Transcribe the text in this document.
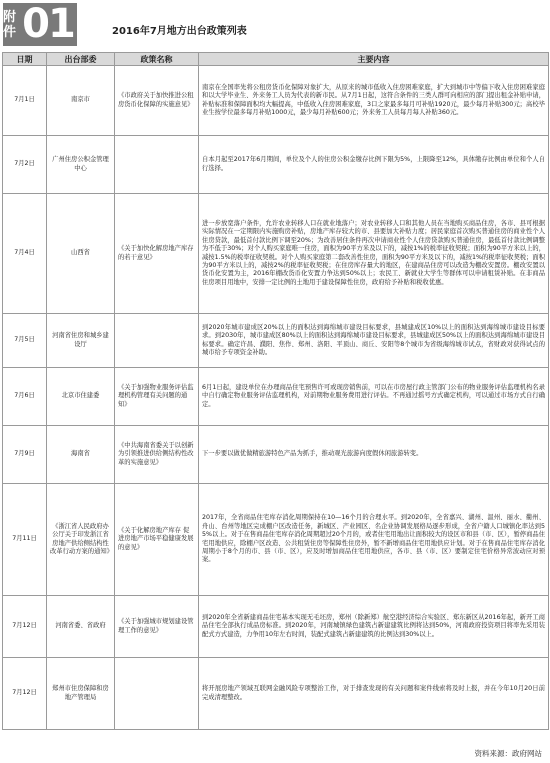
附件 01	2016年7月地方出台政策列表
日期	出台部委	政策名称	主要内容
7月1日	南京市	《市政府关于加快推进公租房货币化保障的实施意见》	南京在全国率先将公租房货币化保障对象扩大，从原来的城市低收入住房困难家庭，扩大到城市中等偏下收入住房困难家庭和以大学毕业生、外来务工人员为代表的新市民。从7月1日起，这符合条件的三类人群可向相应的部门提出租金补贴申请，补贴标准和保障面积均大幅提高，中低收入住房困难家庭，3口之家最多每月可补贴1920元，最少每月补贴300元；高校毕业生按学位最多每月补贴1000元，最少每月补贴600元；外来务工人员每月每人补贴360元。
7月2日	广州住房公积金管理中心		自本月起至2017年6月期间，单位及个人的住房公积金缴存比例下限为5%，上限降至12%，具体缴存比例由单位和个人自行选择。
7月4日	山西省	《关于加快化解房地产库存的若干意见》	进一步放宽落户条件，允许农业转移人口在就业地落户；对农业转移人口和其他人员在当地购买商品住房，各市、县可根据实际情况在一定期限内实施购房补贴，房地产库存较大的市、县要加大补贴力度；居民家庭首次购买普通住房的商业性个人住房贷款，最低首付款比例下调至20%；为改善居住条件再次申请商业性个人住房贷款购买普通住房，最低首付款比例调整为不低于30%；对个人购买家庭唯一住房，面积为90平方米及以下的，减按1%的税率征收契税；面积为90平方米以上的，减按1.5%的税率征收契税。对个人购买家庭第二套改善性住房，面积为90平方米及以下的，减按1%的税率征收契税；面积为90平方米以上的，减按2%的税率征收契税；在住房库存量大的地区，在建商品住房可以改造为棚改安置房。棚改安置以货币化安置为主，2016年棚改货币化安置力争达到50%以上；农民工、新就业大学生等群体可以申请租赁补贴。在非商品住房项目用地中，安排一定比例的土地用于建设保障性住房，政府给予补贴和税收优惠。
7月5日	河南省住房和城乡建设厅		到2020年城市建成区20%以上的面积达到海绵城市建设目标要求，县城建成区10%以上的面积达到海绵城市建设目标要求。到2030年，城市建成区80%以上的面积达到海绵城市建设目标要求，县城建成区50%以上的面积达到海绵城市建设目标要求。确定许昌、濮阳、焦作、郑州、洛阳、平顶山、商丘、安阳等8个城市为省级海绵城市试点，省财政对获得试点的城市给予专项资金补助。
7月6日	北京市住建委	《关于加强物业服务评估监理机构管理有关问题的通知》	6月1日起，建设单位在办理商品住宅预售许可或现房销售前，可以在市房屋行政主管部门公布的物业服务评估监理机构名录中自行确定物业服务评估监理机构，对前期物业服务费用进行评估。不再通过摇号方式确定机构，可以通过市场方式自行确定。
7月9日	海南省	《中共海南省委关于以创新为引领推进供给侧结构性改革的实施意见》	下一步要以做优做精旅游特色产品为抓手，推动观光旅游向度假休闲旅游转变。
7月11日	《浙江省人民政府办公厅关于印发浙江省房地产供给侧结构性改革行动方案的通知》	《关于化解房地产库存 促进房地产市场平稳健康发展的意见》	2017年，全省商品住宅库存消化周期保持在10—16个月的合理水平。到2020年，全省嘉兴、湖州、温州、丽水、衢州、舟山、台州等地区完成棚户区改造任务，新城区、产业园区、名企业协调发展格局逐步形成，全省户籍人口城镇化率达到55%以上。对于在售商品住宅库存消化周期超过20个月的，或者住宅用地出让面积较大的设区市和县（市、区），暂停商品住宅用地供应，除棚户区改造、公共租赁住房等保障性住房外，暂不新增商品住宅用地供应计划。对于在售商品住宅库存消化周期小于8个月的市、县（市、区），应及时增加商品住宅用地供应，各市、县（市、区）要制定住宅价格异常波动应对预案。
7月12日	河南省委、省政府	《关于加强城市规划建设管理工作的意见》	到2020年全省新建商品住宅基本实现无毛坯房，郑州（除新郑）航空港经济综合实验区、郑东新区从2016年起，新开工商品住宅全部执行成品房标准。到2020年，河南城镇绿色建筑占新建建筑比例将达到50%，河南政府投资项目将率先采用装配式方式建造，力争用10年左右时间，装配式建筑占新建建筑的比例达到30%以上。
7月12日	郑州市住房保障和房地产管理局		将开展房地产领域互联网金融风险专项整治工作，对于排查发现的有关问题和案件线索将及时上报，并在今年10月20日前完成清理整改。
资料来源：政府网站
